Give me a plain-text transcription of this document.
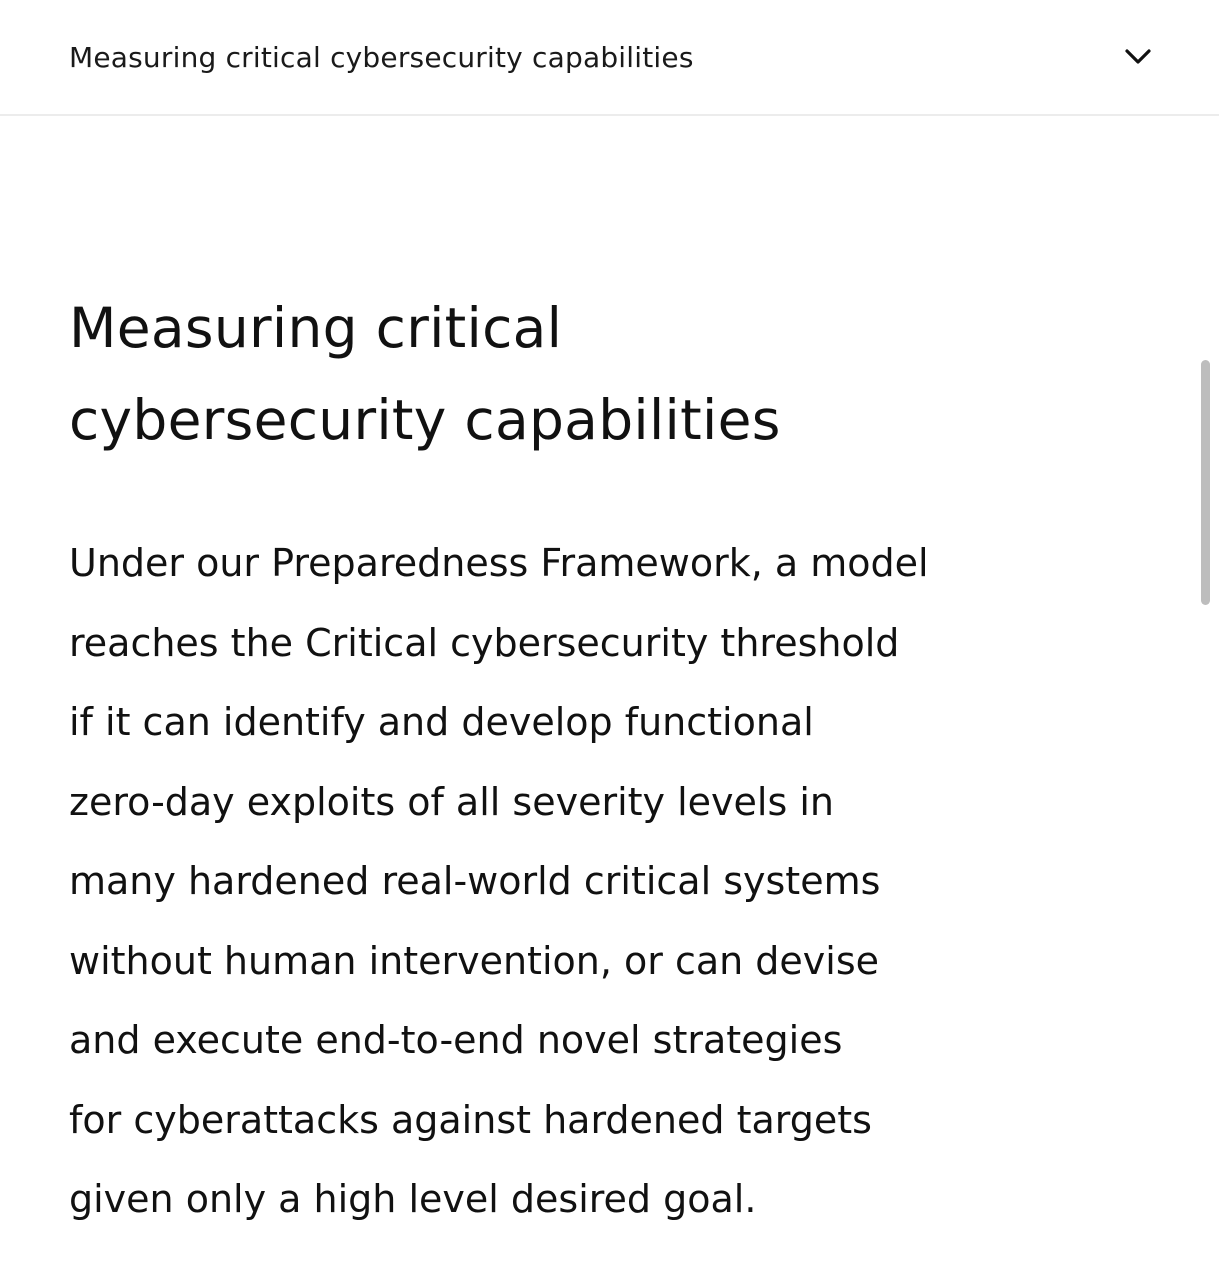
Measuring critical cybersecurity capabilities
Measuring critical
cybersecurity capabilities

Under our Preparedness Framework, a model
reaches the Critical cybersecurity threshold
if it can identify and develop functional
zero-day exploits of all severity levels in
many hardened real-world critical systems
without human intervention, or can devise
and execute end-to-end novel strategies
for cyberattacks against hardened targets
given only a high level desired goal.
